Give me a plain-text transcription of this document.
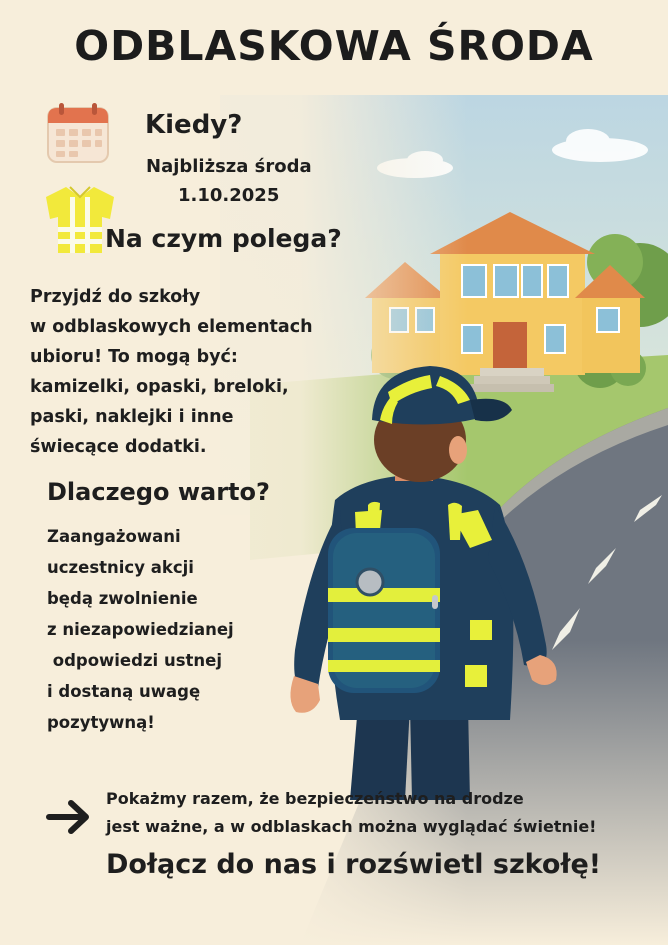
ODBLASKOWA ŚRODA
Kiedy?
Najbliższa środa
1.10.2025
Na czym polega?
Przyjdź do szkoły
w odblaskowych elementach
ubioru! To mogą być:
kamizelki, opaski, breloki,
paski, naklejki i inne
świecące dodatki.
Dlaczego warto?
Zaangażowani
uczestnicy akcji
będą zwolnienie
z niezapowiedzianej
odpowiedzi ustnej
i dostaną uwagę
pozytywną!
Pokażmy razem, że bezpieczeństwo na drodze
jest ważne, a w odblaskach można wyglądać świetnie!
Dołącz do nas i rozświetl szkołę!
